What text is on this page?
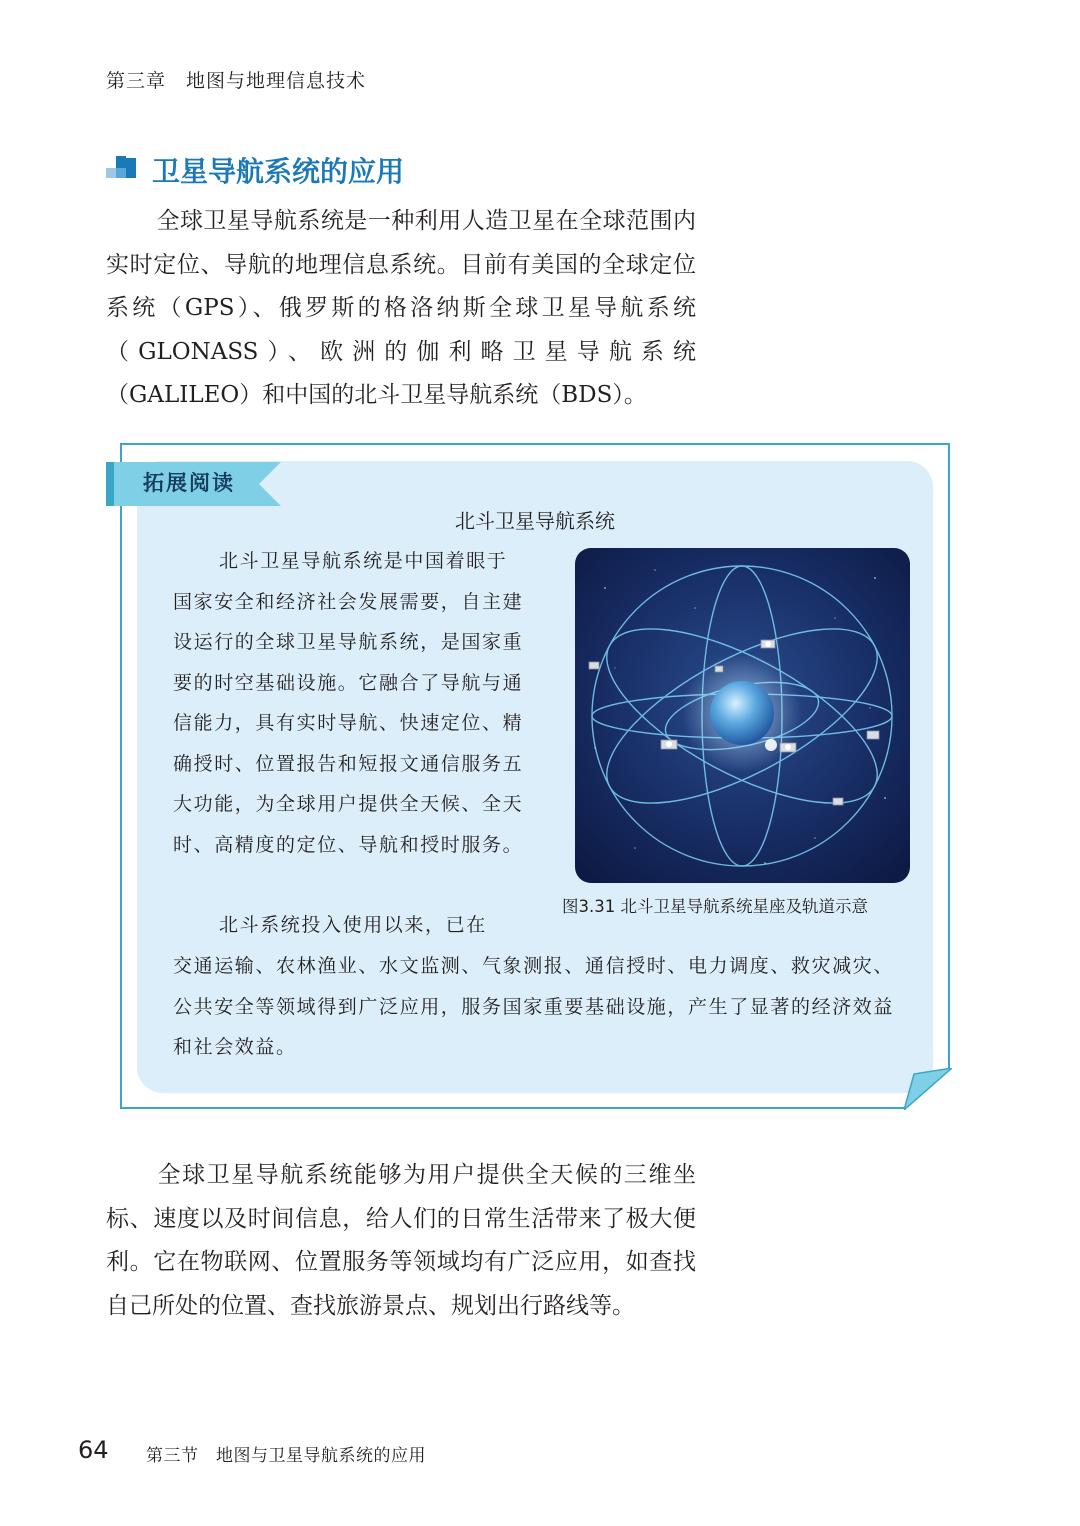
第三章　地图与地理信息技术
卫星导航系统的应用

全球卫星导航系统是一种利用人造卫星在全球范围内实时定位、导航的地理信息系统。目前有美国的全球定位系统（GPS）、俄罗斯的格洛纳斯全球卫星导航系统（GLONASS）、欧洲的伽利略卫星导航系统（GALILEO）和中国的北斗卫星导航系统（BDS）。

拓展阅读
北斗卫星导航系统

北斗卫星导航系统是中国着眼于国家安全和经济社会发展需要，自主建设运行的全球卫星导航系统，是国家重要的时空基础设施。它融合了导航与通信能力，具有实时导航、快速定位、精确授时、位置报告和短报文通信服务五大功能，为全球用户提供全天候、全天时、高精度的定位、导航和授时服务。

北斗系统投入使用以来，已在

交通运输、农林渔业、水文监测、气象测报、通信授时、电力调度、救灾减灾、公共安全等领域得到广泛应用，服务国家重要基础设施，产生了显著的经济效益和社会效益。

图3.31 北斗卫星导航系统星座及轨道示意

全球卫星导航系统能够为用户提供全天候的三维坐标、速度以及时间信息，给人们的日常生活带来了极大便利。它在物联网、位置服务等领域均有广泛应用，如查找自己所处的位置、查找旅游景点、规划出行路线等。

64 第三节　地图与卫星导航系统的应用
